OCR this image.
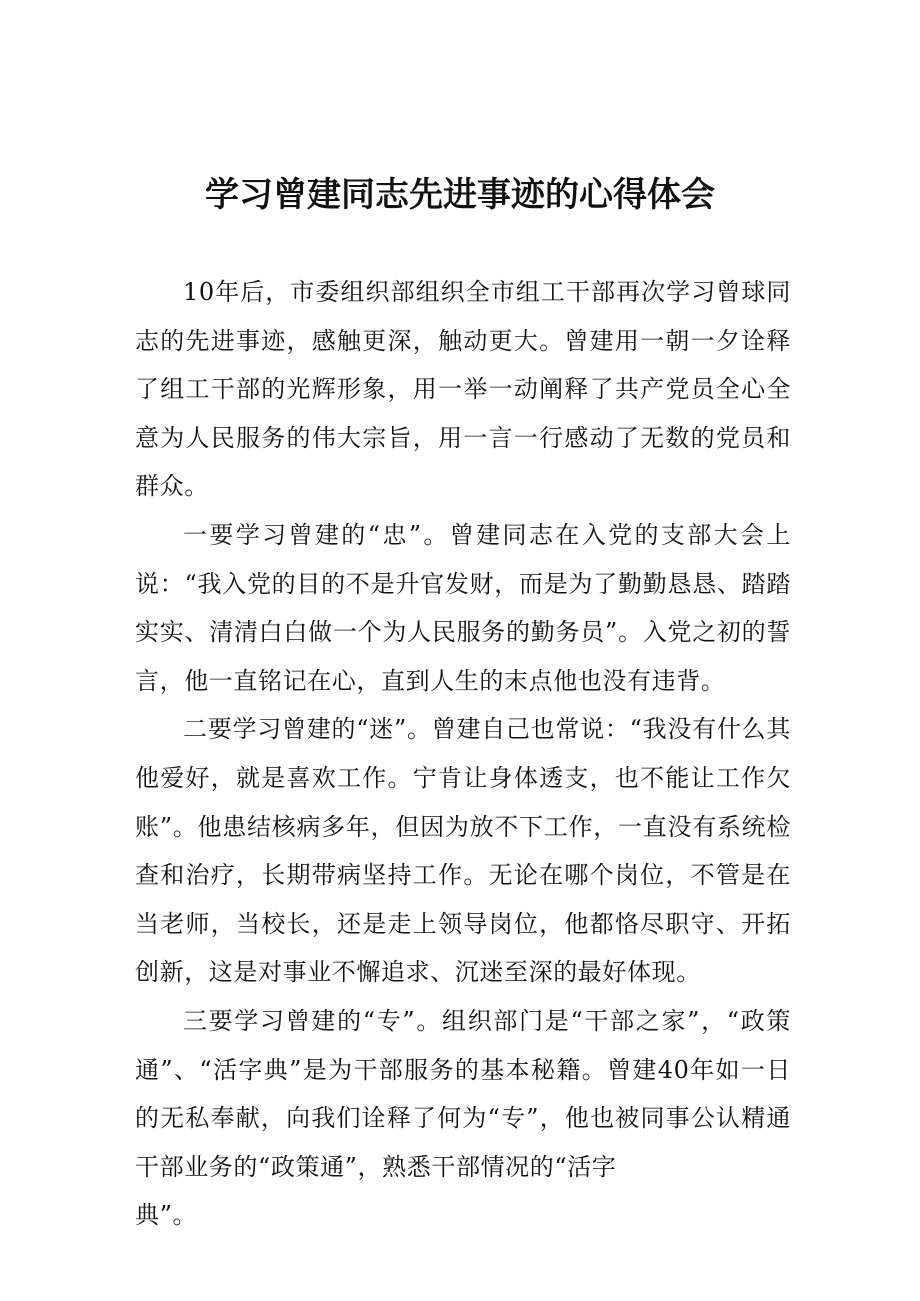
学习曾建同志先进事迹的心得体会

10年后，市委组织部组织全市组工干部再次学习曾球同志的先进事迹，感触更深，触动更大。曾建用一朝一夕诠释了组工干部的光辉形象，用一举一动阐释了共产党员全心全意为人民服务的伟大宗旨，用一言一行感动了无数的党员和群众。

一要学习曾建的“忠”。曾建同志在入党的支部大会上说：“我入党的目的不是升官发财，而是为了勤勤恳恳、踏踏实实、清清白白做一个为人民服务的勤务员”。入党之初的誓言，他一直铭记在心，直到人生的末点他也没有违背。

二要学习曾建的“迷”。曾建自己也常说：“我没有什么其他爱好，就是喜欢工作。宁肯让身体透支，也不能让工作欠账”。他患结核病多年，但因为放不下工作，一直没有系统检查和治疗，长期带病坚持工作。无论在哪个岗位，不管是在当老师，当校长，还是走上领导岗位，他都恪尽职守、开拓创新，这是对事业不懈追求、沉迷至深的最好体现。

三要学习曾建的“专”。组织部门是“干部之家”，“政策通”、“活字典”是为干部服务的基本秘籍。曾建40年如一日的无私奉献，向我们诠释了何为“专”，他也被同事公认精通干部业务的“政策通”，熟悉干部情况的“活字

典”。
